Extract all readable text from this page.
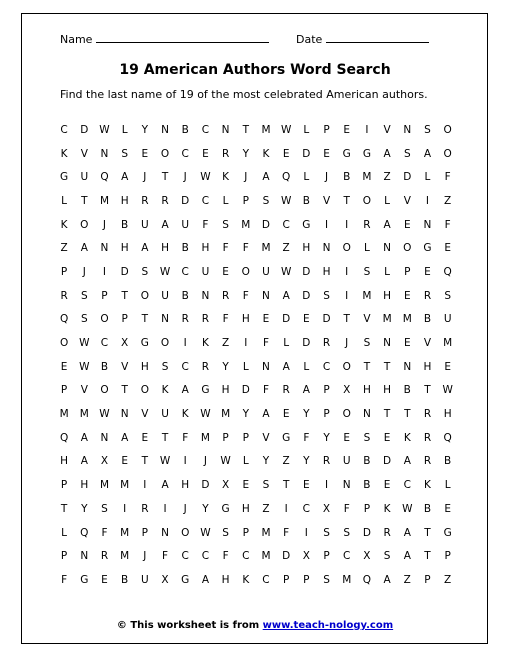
Name	Date
19 American Authors Word Search
Find the last name of 19 of the most celebrated American authors.
C	D	W	L	Y	N	B	C	N	T	M W	L	P	E	I	V	N	S	O
K	V	N	S	E	O	C	E	R	Y	K	E	D	E	G	G	A	S	A	O
G	U	Q	A	J	T	J	W	K	J	A	Q	L	J	B	M	Z	D	L	F
L	T	M	H	R	R	D	C	L	P	S	W	B	V	T	O	L	V	I	Z
K	O	J	B	U	A	U	F	S	M	D	C	G	I	I	R	A	E	N	F
Z	A	N	H	A	H	B	H	F	F	M	Z	H	N	O	L	N	O	G	E
P	J	I	D	S	W	C	U	E	O	U	W	D	H	I	S	L	P	E	Q
R	S	P	T	O	U	B	N	R	F	N	A	D	S	I	M	H	E	R	S
Q	S	O	P	T	N	R	R	F	H	E	D	E	D	T	V	M	M	B	U
O	W	C	X	G	O	I	K	Z	I	F	L	D	R	J	S	N	E	V	M
E	W	B	V	H	S	C	R	Y	L	N	A	L	C	O	T	T	N	H	E
P	V	O	T	O	K	A	G	H	D	F	R	A	P	X	H	H	B	T	W
M	M W	N	V	U	K	W M	Y	A	E	Y	P	O	N	T	T	R	H
Q	A	N	A	E	T	F	M	P	P	V	G	F	Y	E	S	E	K	R	Q
H	A	X	E	T	W	I	J	W	L	Y	Z	Y	R	U	B	D	A	R	B
P	H	M	M	I	A	H	D	X	E	S	T	E	I	N	B	E	C	K	L
T	Y	S	I	R	I	J	Y	G	H	Z	I	C	X	F	P	K	W	B	E
L	Q	F	M	P	N	O	W	S	P	M	F	I	S	S	D	R	A	T	G
P	N	R	M	J	F	C	C	F	C	M	D	X	P	C	X	S	A	T	P
F	G	E	B	U	X	G	A	H	K	C	P	P	S	M	Q	A	Z	P	Z
© This worksheet is from www.teach-nology.com
